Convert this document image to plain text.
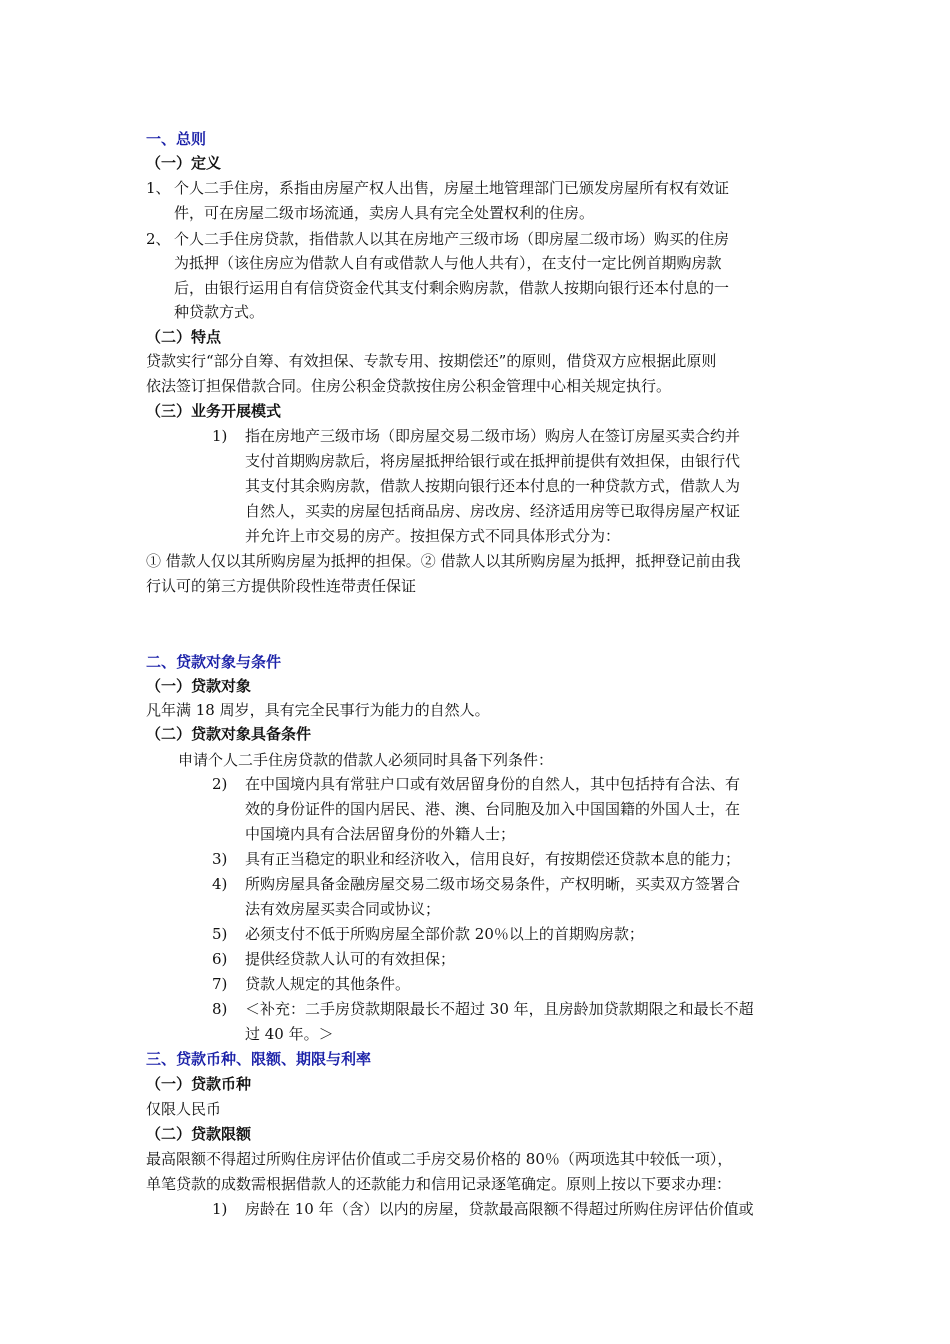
一、总则
（一）定义
1、 个人二手住房，系指由房屋产权人出售，房屋土地管理部门已颁发房屋所有权有效证
件，可在房屋二级市场流通，卖房人具有完全处置权利的住房。
2、 个人二手住房贷款，指借款人以其在房地产三级市场（即房屋二级市场）购买的住房
为抵押（该住房应为借款人自有或借款人与他人共有），在支付一定比例首期购房款
后，由银行运用自有信贷资金代其支付剩余购房款，借款人按期向银行还本付息的一
种贷款方式。
（二）特点
贷款实行“部分自筹、有效担保、专款专用、按期偿还”的原则，借贷双方应根据此原则
依法签订担保借款合同。住房公积金贷款按住房公积金管理中心相关规定执行。
（三）业务开展模式
1) 指在房地产三级市场（即房屋交易二级市场）购房人在签订房屋买卖合约并
支付首期购房款后，将房屋抵押给银行或在抵押前提供有效担保，由银行代
其支付其余购房款，借款人按期向银行还本付息的一种贷款方式，借款人为
自然人，买卖的房屋包括商品房、房改房、经济适用房等已取得房屋产权证
并允许上市交易的房产。按担保方式不同具体形式分为：
① 借款人仅以其所购房屋为抵押的担保。② 借款人以其所购房屋为抵押，抵押登记前由我
行认可的第三方提供阶段性连带责任保证
二、贷款对象与条件
（一）贷款对象
凡年满 18 周岁，具有完全民事行为能力的自然人。
（二）贷款对象具备条件
申请个人二手住房贷款的借款人必须同时具备下列条件：
2) 在中国境内具有常驻户口或有效居留身份的自然人，其中包括持有合法、有
效的身份证件的国内居民、港、澳、台同胞及加入中国国籍的外国人士，在
中国境内具有合法居留身份的外籍人士；
3) 具有正当稳定的职业和经济收入，信用良好，有按期偿还贷款本息的能力；
4) 所购房屋具备金融房屋交易二级市场交易条件，产权明晰，买卖双方签署合
法有效房屋买卖合同或协议；
5) 必须支付不低于所购房屋全部价款 20％以上的首期购房款；
6) 提供经贷款人认可的有效担保；
7) 贷款人规定的其他条件。
8) ＜补充：二手房贷款期限最长不超过 30 年，且房龄加贷款期限之和最长不超
过 40 年。＞
三、贷款币种、限额、期限与利率
（一）贷款币种
仅限人民币
（二）贷款限额
最高限额不得超过所购住房评估价值或二手房交易价格的 80％（两项选其中较低一项），
单笔贷款的成数需根据借款人的还款能力和信用记录逐笔确定。原则上按以下要求办理：
1) 房龄在 10 年（含）以内的房屋，贷款最高限额不得超过所购住房评估价值或
